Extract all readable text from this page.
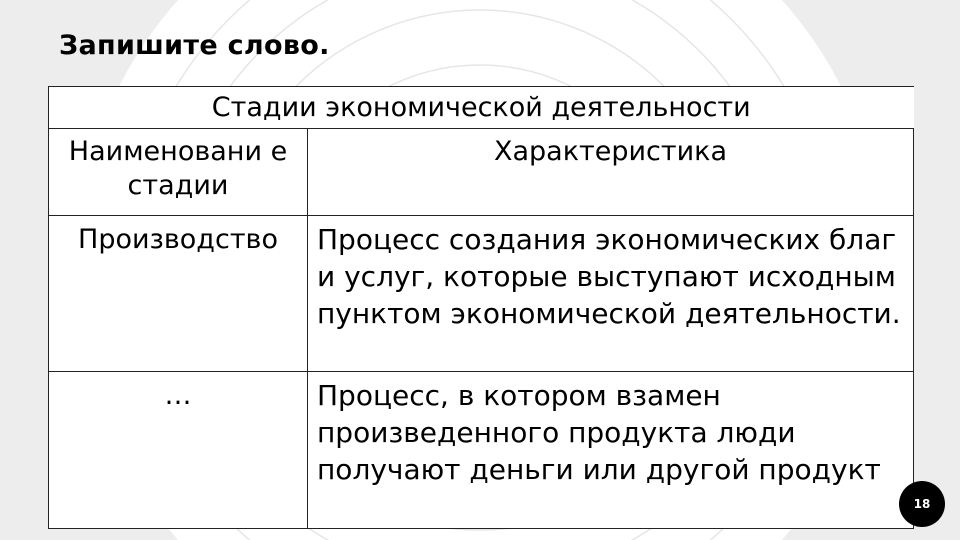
Запишите слово.
Стадии экономической деятельности	
Наименовани е стадии	Характеристика
Производство	Процесс создания экономических благ и услуг, которые выступают исходным пунктом экономической деятельности.
…	Процесс, в котором взамен произведенного продукта люди получают деньги или другой продукт
18
